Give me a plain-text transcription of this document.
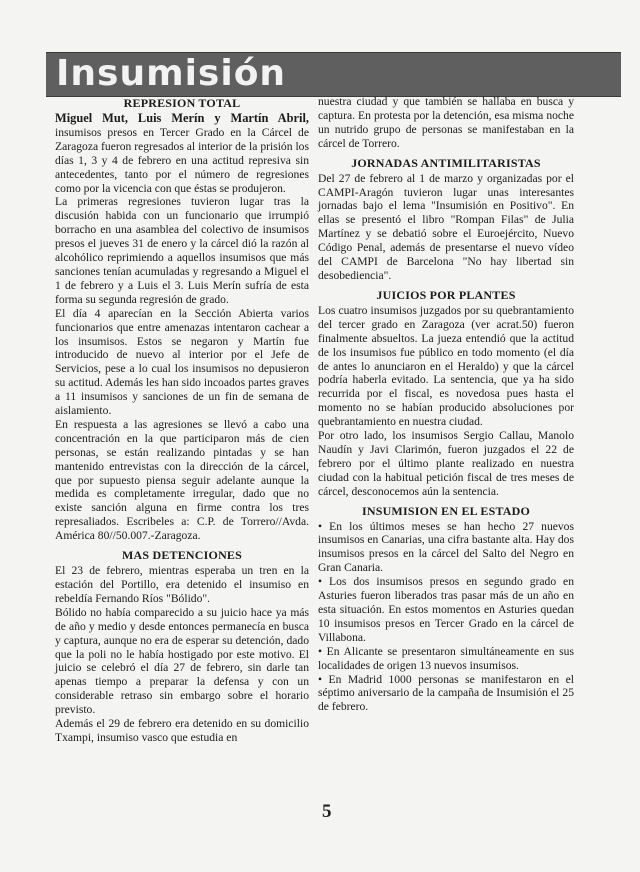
Insumisión
REPRESION TOTAL

Miguel Mut, Luis Merín y Martín Abril, insumisos presos en Tercer Grado en la Cárcel de Zaragoza fueron regresados al interior de la prisión los días 1, 3 y 4 de febrero en una actitud represiva sin antecedentes, tanto por el número de regresiones como por la vicencia con que éstas se produjeron.

La primeras regresiones tuvieron lugar tras la discusión habida con un funcionario que irrumpió borracho en una asamblea del colectivo de insumisos presos el jueves 31 de enero y la cárcel dió la razón al alcohólico reprimiendo a aquellos insumisos que más sanciones tenían acumuladas y regresando a Miguel el 1 de febrero y a Luis el 3. Luis Merín sufría de esta forma su segunda regresión de grado.

El día 4 aparecían en la Sección Abierta varios funcionarios que entre amenazas intentaron cachear a los insumisos. Estos se negaron y Martín fue introducido de nuevo al interior por el Jefe de Servicios, pese a lo cual los insumisos no depusieron su actitud. Además les han sido incoados partes graves a 11 insumisos y sanciones de un fin de semana de aislamiento.

En respuesta a las agresiones se llevó a cabo una concentración en la que participaron más de cien personas, se están realizando pintadas y se han mantenido entrevistas con la dirección de la cárcel, que por supuesto piensa seguir adelante aunque la medida es completamente irregular, dado que no existe sanción alguna en firme contra los tres represaliados. Escribeles a: C.P. de Torrero//Avda. América 80//50.007.-Zaragoza.

MAS DETENCIONES

El 23 de febrero, mientras esperaba un tren en la estación del Portillo, era detenido el insumiso en rebeldía Fernando Ríos "Bólido".

Bólido no había comparecido a su juicio hace ya más de año y medio y desde entonces permanecía en busca y captura, aunque no era de esperar su detención, dado que la poli no le había hostigado por este motivo. El juicio se celebró el día 27 de febrero, sin darle tan apenas tiempo a preparar la defensa y con un considerable retraso sin embargo sobre el horario previsto.

Además el 29 de febrero era detenido en su domicilio Txampi, insumiso vasco que estudia en

nuestra ciudad y que también se hallaba en busca y captura. En protesta por la detención, esa misma noche un nutrido grupo de personas se manifestaban en la cárcel de Torrero.

JORNADAS ANTIMILITARISTAS

Del 27 de febrero al 1 de marzo y organizadas por el CAMPI-Aragón tuvieron lugar unas interesantes jornadas bajo el lema "Insumisión en Positivo". En ellas se presentó el libro "Rompan Filas" de Julia Martínez y se debatió sobre el Euroejército, Nuevo Código Penal, además de presentarse el nuevo vídeo del CAMPI de Barcelona "No hay libertad sin desobediencia".

JUICIOS POR PLANTES

Los cuatro insumisos juzgados por su quebrantamiento del tercer grado en Zaragoza (ver acrat.50) fueron finalmente absueltos. La jueza entendió que la actitud de los insumisos fue público en todo momento (el día de antes lo anunciaron en el Heraldo) y que la cárcel podría haberla evitado. La sentencia, que ya ha sido recurrida por el fiscal, es novedosa pues hasta el momento no se habían producido absoluciones por quebrantamiento en nuestra ciudad.

Por otro lado, los insumisos Sergio Callau, Manolo Naudín y Javi Clarimón, fueron juzgados el 22 de febrero por el último plante realizado en nuestra ciudad con la habitual petición fiscal de tres meses de cárcel, desconocemos aún la sentencia.

INSUMISION EN EL ESTADO

• En los últimos meses se han hecho 27 nuevos insumisos en Canarias, una cifra bastante alta. Hay dos insumisos presos en la cárcel del Salto del Negro en Gran Canaria.

• Los dos insumisos presos en segundo grado en Asturies fueron liberados tras pasar más de un año en esta situación. En estos momentos en Asturies quedan 10 insumisos presos en Tercer Grado en la cárcel de Villabona.

• En Alicante se presentaron simultáneamente en sus localidades de origen 13 nuevos insumisos.

• En Madrid 1000 personas se manifestaron en el séptimo aniversario de la campaña de Insumisión el 25 de febrero.

5
